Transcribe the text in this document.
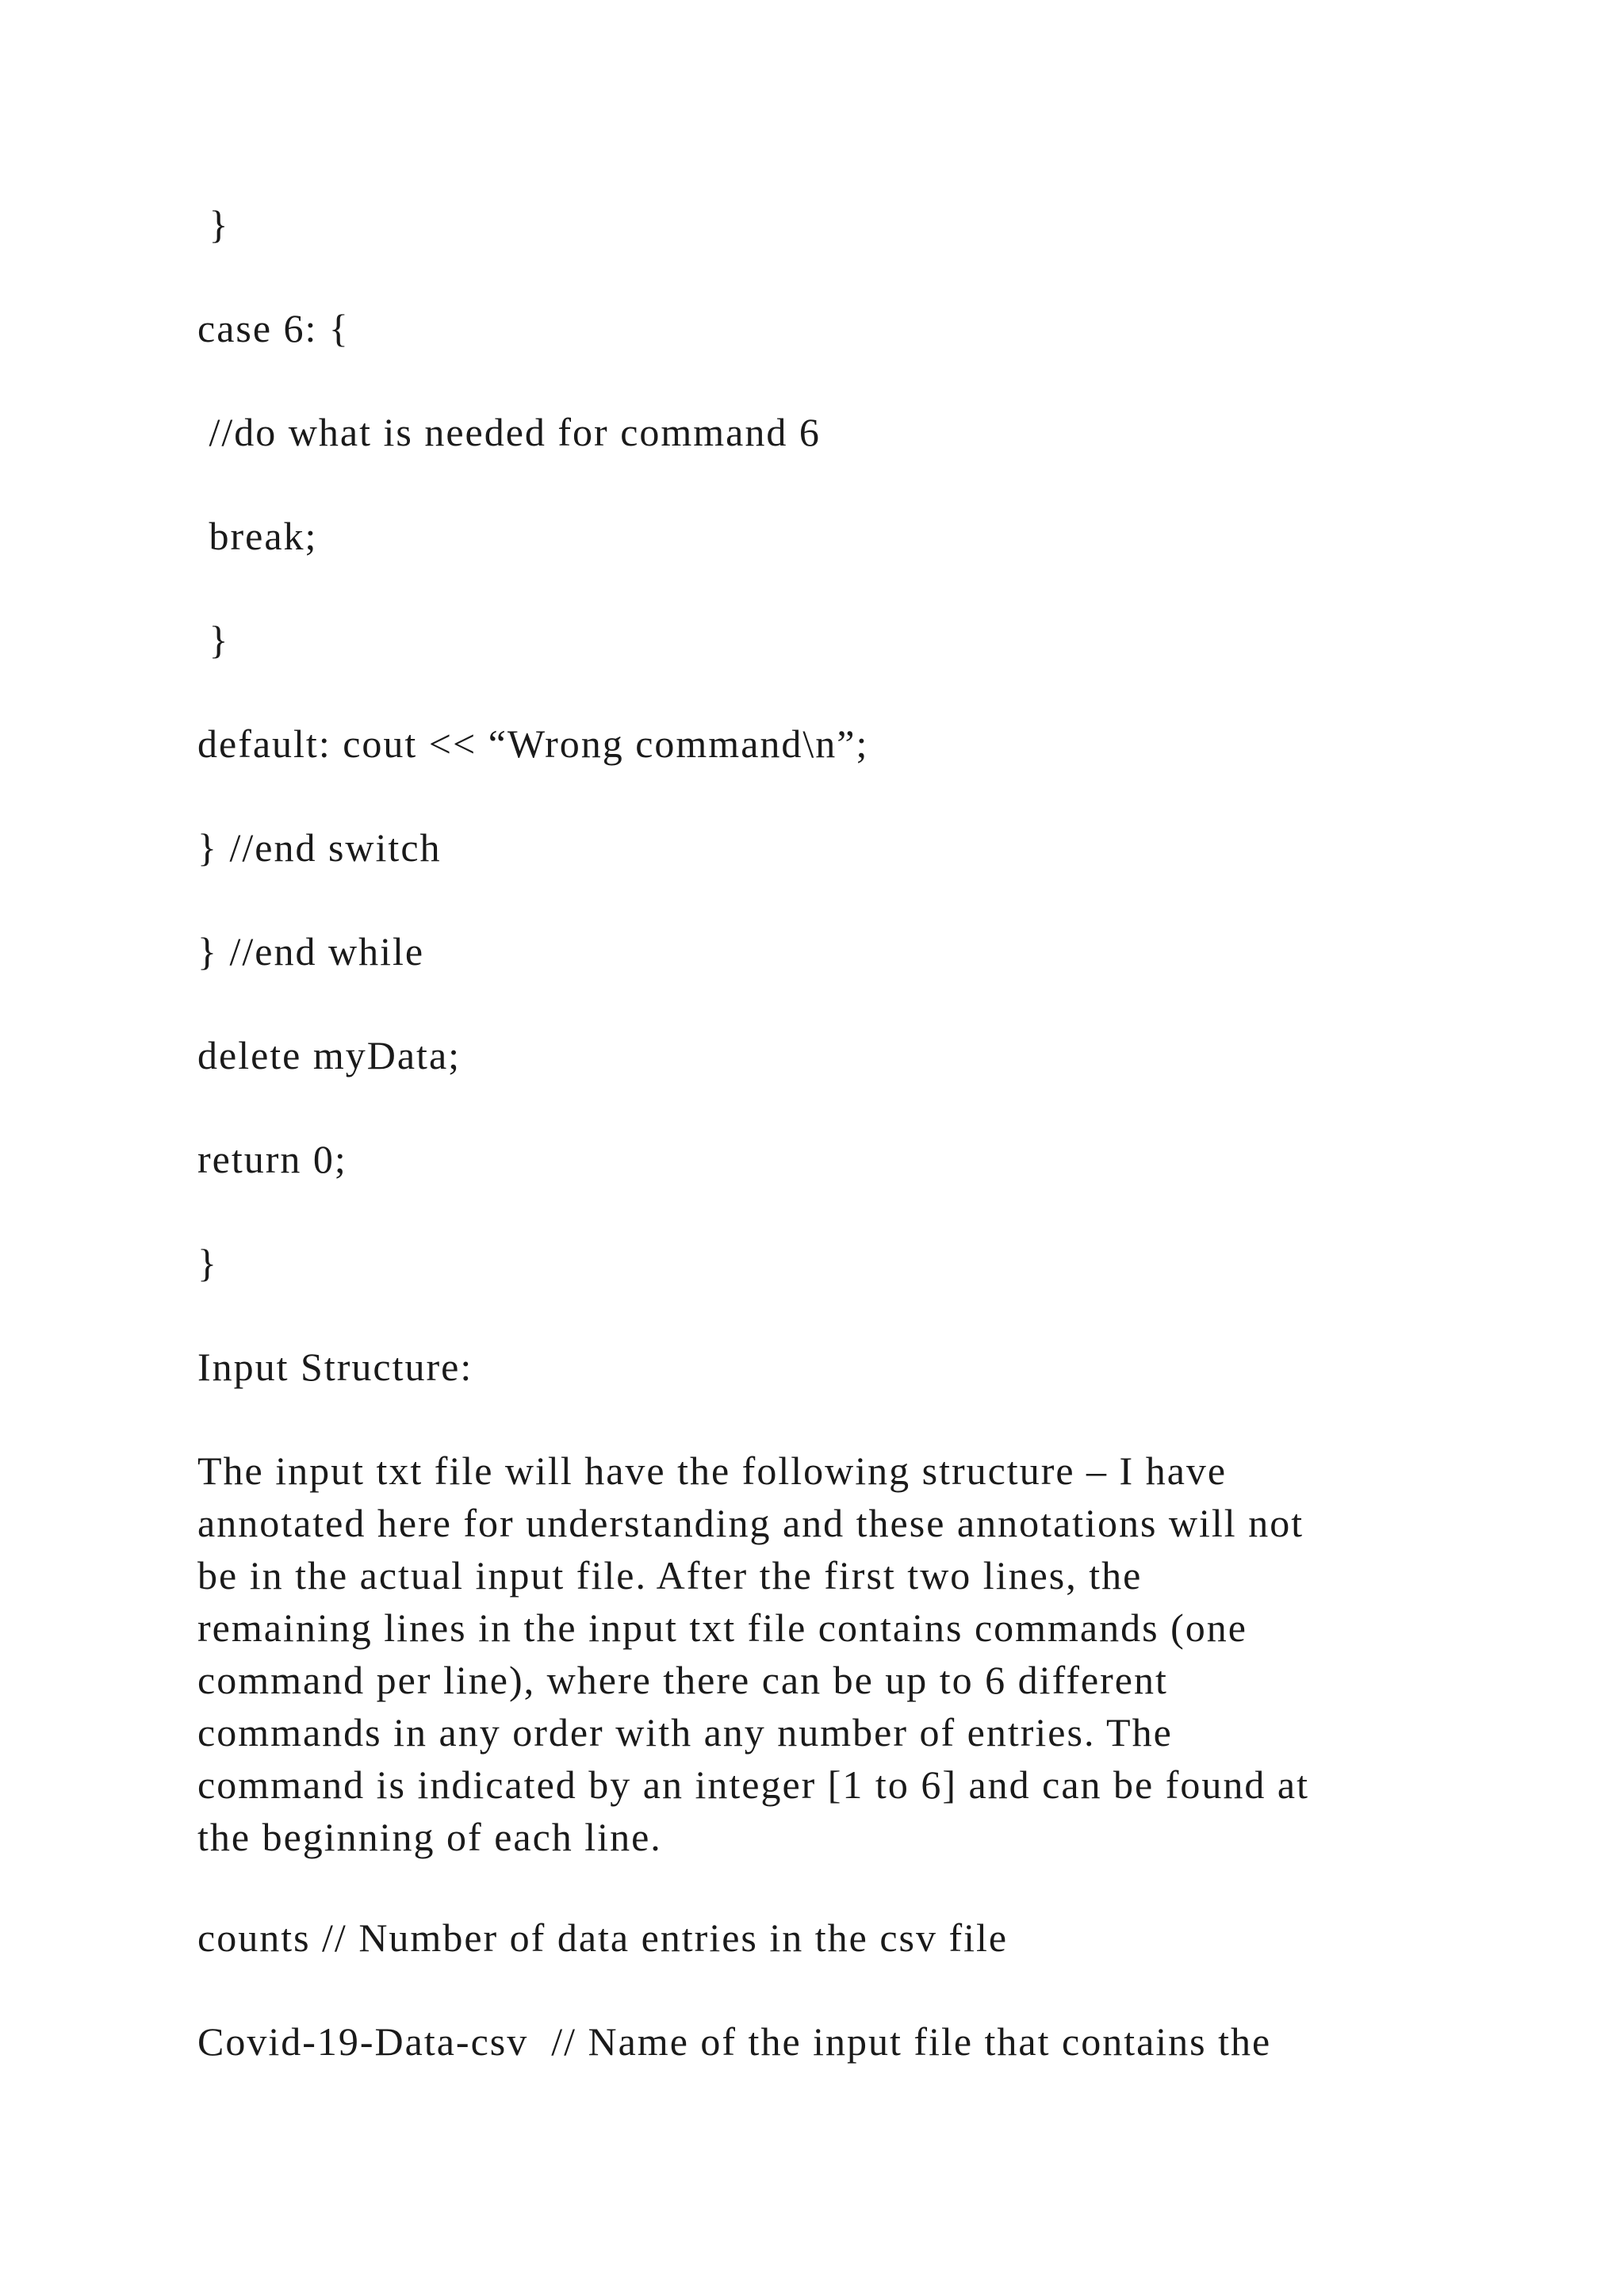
}

case 6: {

//do what is needed for command 6

break;

}

default: cout << “Wrong command\n”;

} //end switch

} //end while

delete myData;

return 0;

}

Input Structure:

The input txt file will have the following structure – I have
annotated here for understanding and these annotations will not
be in the actual input file. After the first two lines, the
remaining lines in the input txt file contains commands (one
command per line), where there can be up to 6 different
commands in any order with any number of entries. The
command is indicated by an integer [1 to 6] and can be found at
the beginning of each line.

counts // Number of data entries in the csv file

Covid-19-Data-csv  // Name of the input file that contains the
